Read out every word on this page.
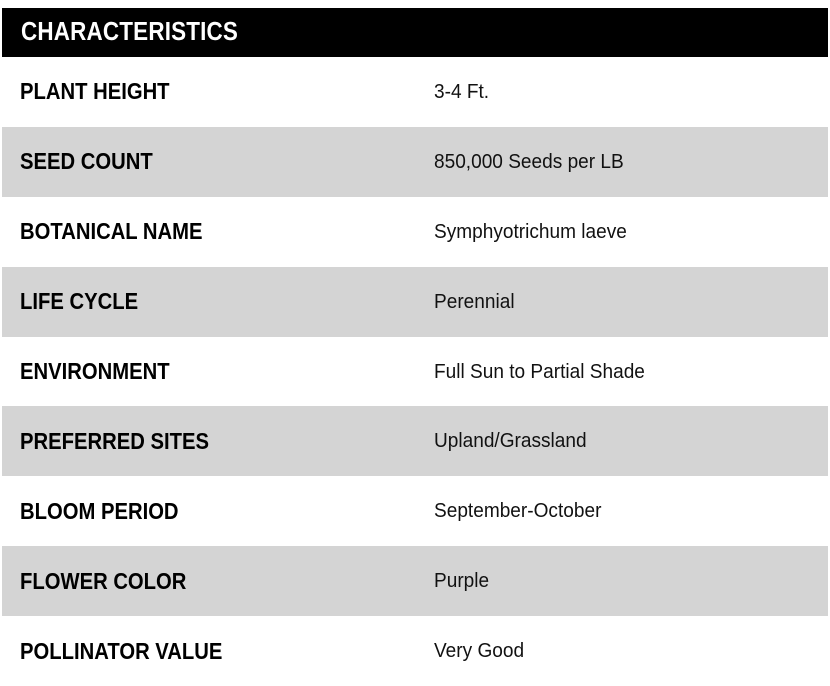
CHARACTERISTICS
PLANT HEIGHT	3-4 Ft.
SEED COUNT	850,000 Seeds per LB
BOTANICAL NAME	Symphyotrichum laeve
LIFE CYCLE	Perennial
ENVIRONMENT	Full Sun to Partial Shade
PREFERRED SITES	Upland/Grassland
BLOOM PERIOD	September-October
FLOWER COLOR	Purple
POLLINATOR VALUE	Very Good
